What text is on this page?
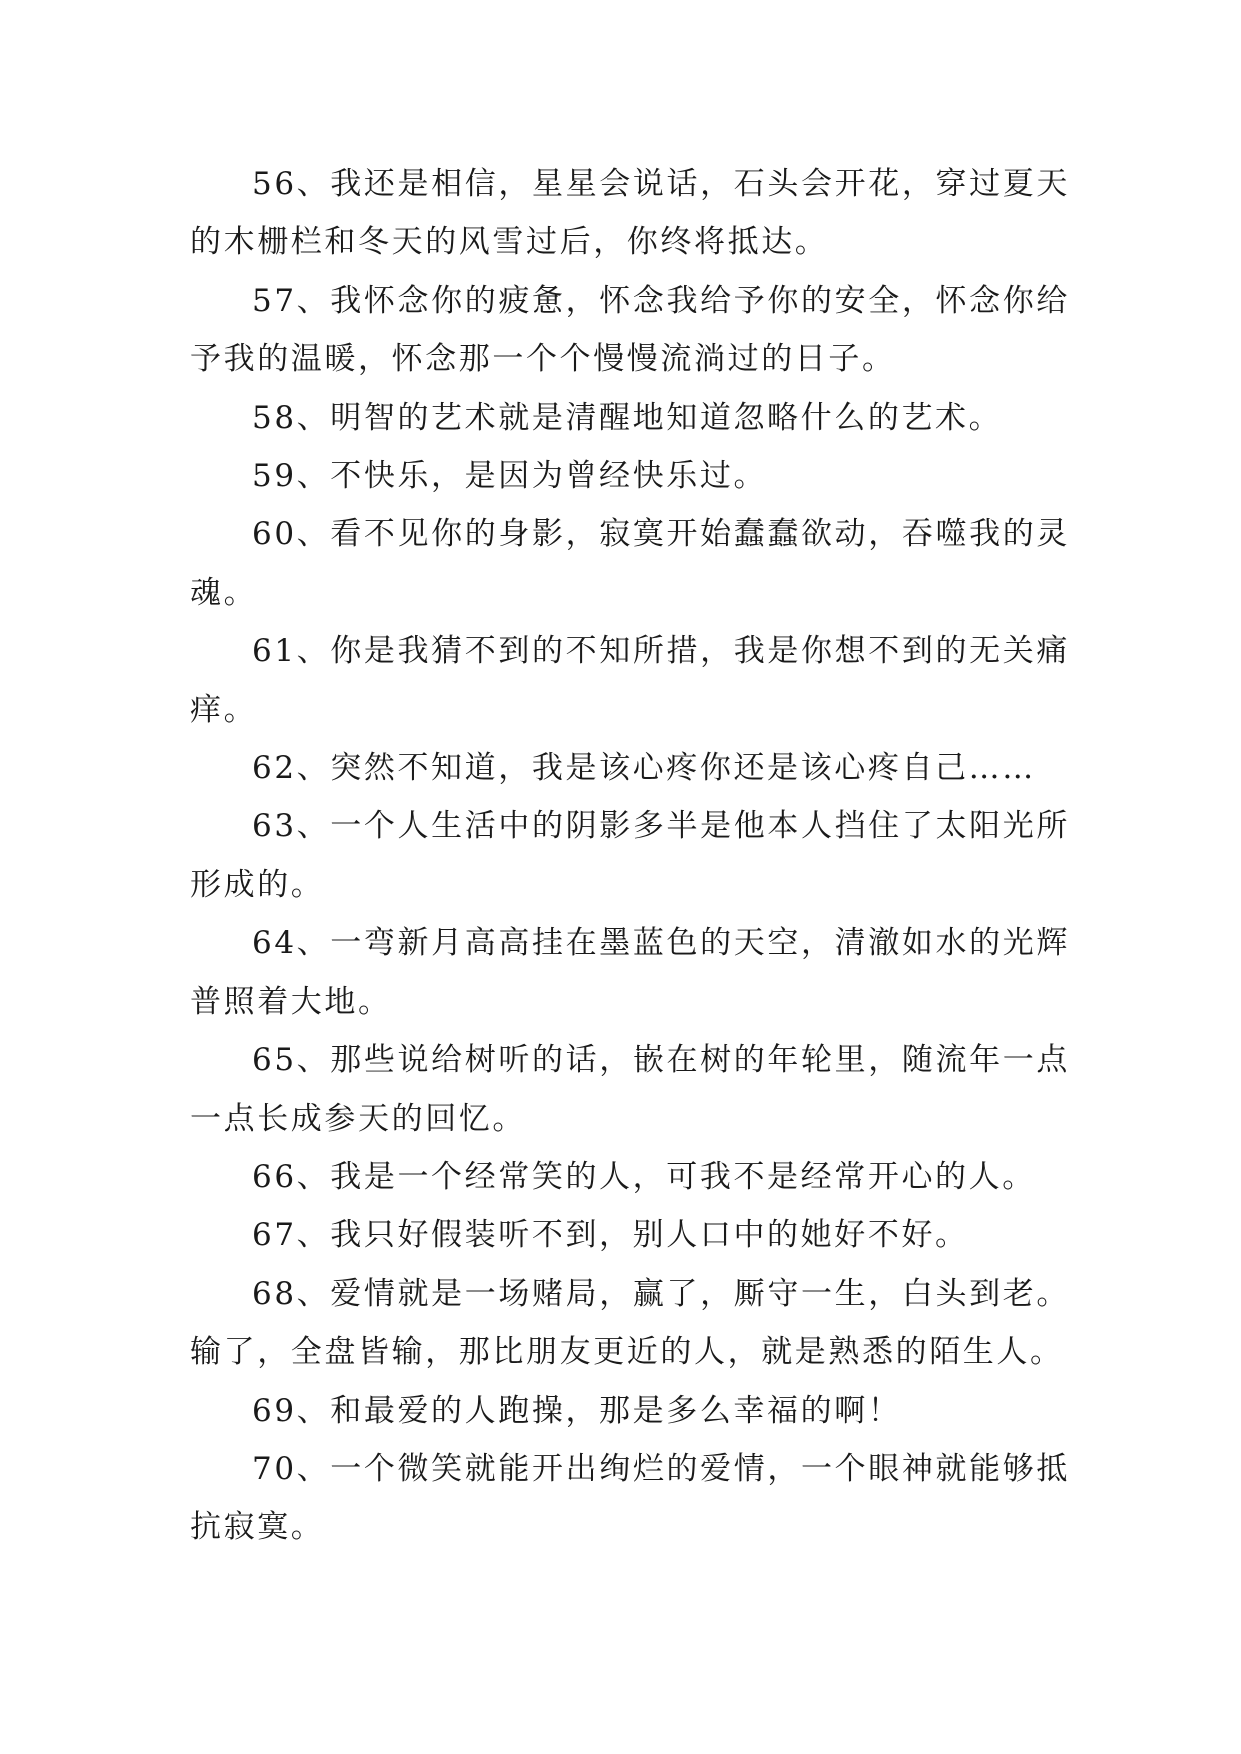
56、我还是相信，星星会说话，石头会开花，穿过夏天的木栅栏和冬天的风雪过后，你终将抵达。

57、我怀念你的疲惫，怀念我给予你的安全，怀念你给予我的温暖，怀念那一个个慢慢流淌过的日子。

58、明智的艺术就是清醒地知道忽略什么的艺术。

59、不快乐，是因为曾经快乐过。

60、看不见你的身影，寂寞开始蠢蠢欲动，吞噬我的灵魂。

61、你是我猜不到的不知所措，我是你想不到的无关痛痒。

62、突然不知道，我是该心疼你还是该心疼自己……

63、一个人生活中的阴影多半是他本人挡住了太阳光所形成的。

64、一弯新月高高挂在墨蓝色的天空，清澈如水的光辉普照着大地。

65、那些说给树听的话，嵌在树的年轮里，随流年一点一点长成参天的回忆。

66、我是一个经常笑的人，可我不是经常开心的人。

67、我只好假装听不到，别人口中的她好不好。

68、爱情就是一场赌局，赢了，厮守一生，白头到老。输了，全盘皆输，那比朋友更近的人，就是熟悉的陌生人。

69、和最爱的人跑操，那是多么幸福的啊！

70、一个微笑就能开出绚烂的爱情，一个眼神就能够抵抗寂寞。
